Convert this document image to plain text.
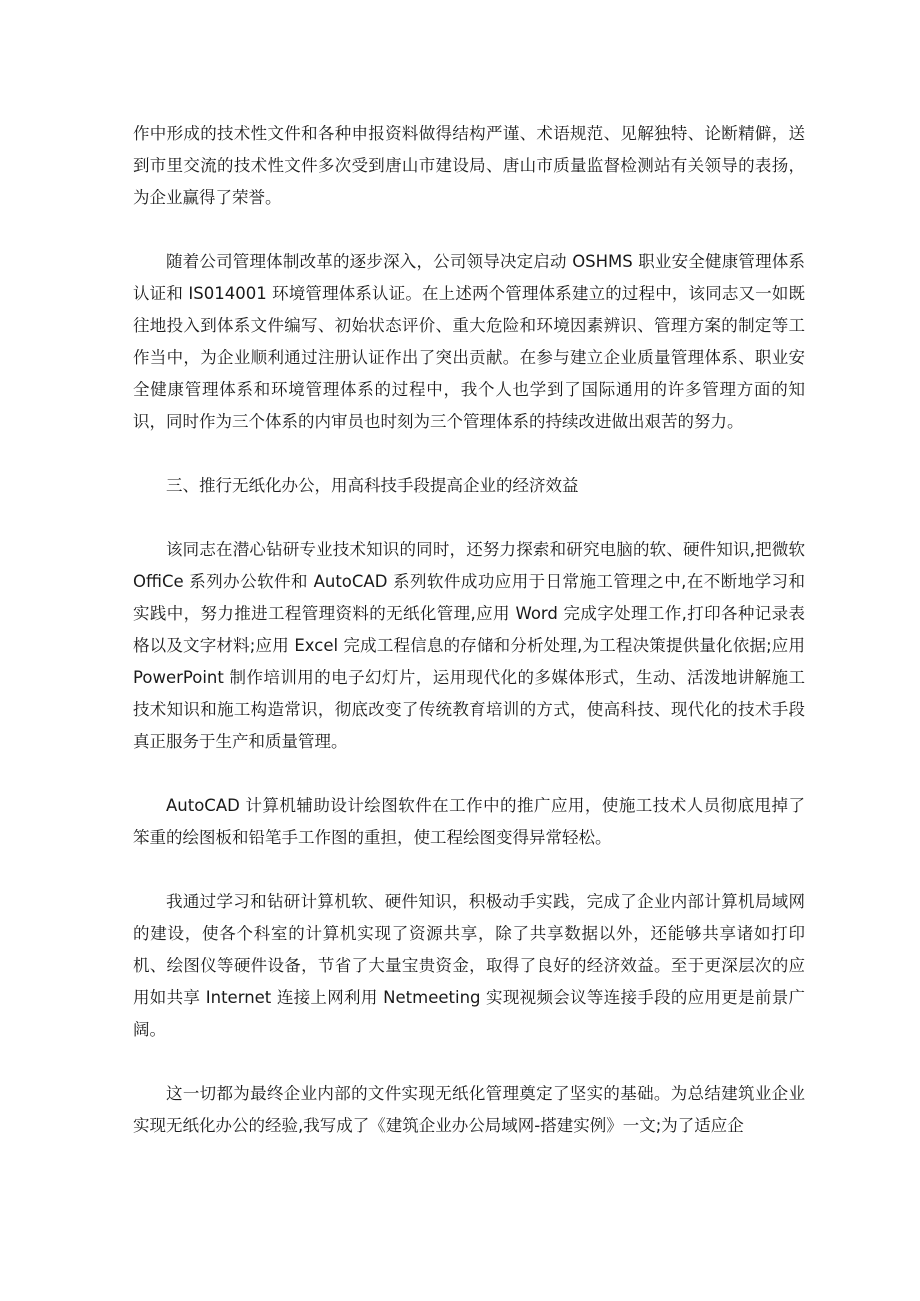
作中形成的技术性文件和各种申报资料做得结构严谨、术语规范、见解独特、论断精僻，送到市里交流的技术性文件多次受到唐山市建设局、唐山市质量监督检测站有关领导的表扬， 为企业赢得了荣誉。

随着公司管理体制改革的逐步深入，公司领导决定启动 OSHMS 职业安全健康管理体系认证和 IS014001 环境管理体系认证。在上述两个管理体系建立的过程中，该同志又一如既往地投入到体系文件编写、初始状态评价、重大危险和环境因素辨识、管理方案的制定等工作当中，为企业顺利通过注册认证作出了突出贡献。在参与建立企业质量管理体系、职业安全健康管理体系和环境管理体系的过程中，我个人也学到了国际通用的许多管理方面的知识，同时作为三个体系的内审员也时刻为三个管理体系的持续改进做出艰苦的努力。

三、推行无纸化办公，用高科技手段提高企业的经济效益

该同志在潜心钻研专业技术知识的同时，还努力探索和研究电脑的软、硬件知识,把微软 OffiCe 系列办公软件和 AutoCAD 系列软件成功应用于日常施工管理之中,在不断地学习和实践中，努力推进工程管理资料的无纸化管理,应用 Word 完成字处理工作,打印各种记录表格以及文字材料;应用 Excel 完成工程信息的存储和分析处理,为工程决策提供量化依据;应用 PowerPoint 制作培训用的电子幻灯片，运用现代化的多媒体形式，生动、活泼地讲解施工技术知识和施工构造常识，彻底改变了传统教育培训的方式，使高科技、现代化的技术手段真正服务于生产和质量管理。

AutoCAD 计算机辅助设计绘图软件在工作中的推广应用，使施工技术人员彻底甩掉了笨重的绘图板和铅笔手工作图的重担，使工程绘图变得异常轻松。

我通过学习和钻研计算机软、硬件知识，积极动手实践，完成了企业内部计算机局域网的建设，使各个科室的计算机实现了资源共享，除了共享数据以外，还能够共享诸如打印机、绘图仪等硬件设备，节省了大量宝贵资金，取得了良好的经济效益。至于更深层次的应用如共享 Internet 连接上网利用 Netmeeting 实现视频会议等连接手段的应用更是前景广阔。

这一切都为最终企业内部的文件实现无纸化管理奠定了坚实的基础。为总结建筑业企业实现无纸化办公的经验,我写成了《建筑企业办公局域网-搭建实例》一文;为了适应企
